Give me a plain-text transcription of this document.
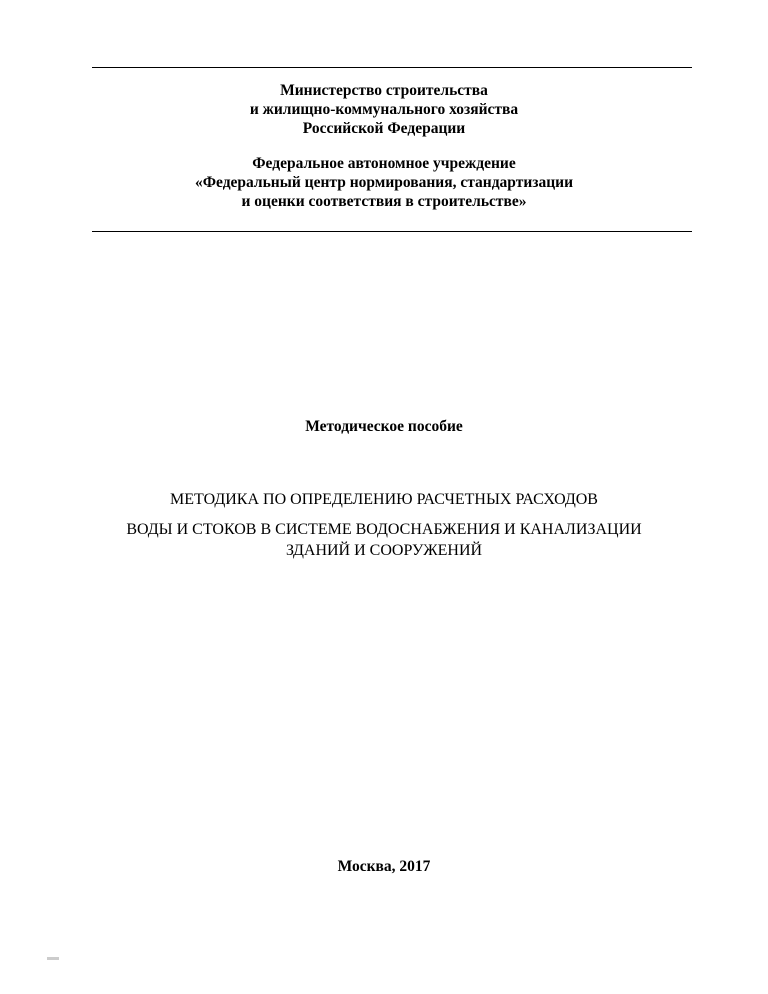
Министерство строительства
и жилищно-коммунального хозяйства
Российской Федерации
Федеральное автономное учреждение
«Федеральный центр нормирования, стандартизации
и оценки соответствия в строительстве»
Методическое пособие
МЕТОДИКА ПО ОПРЕДЕЛЕНИЮ РАСЧЕТНЫХ РАСХОДОВ
ВОДЫ И СТОКОВ В СИСТЕМЕ ВОДОСНАБЖЕНИЯ И КАНАЛИЗАЦИИ
ЗДАНИЙ И СООРУЖЕНИЙ
Москва, 2017
